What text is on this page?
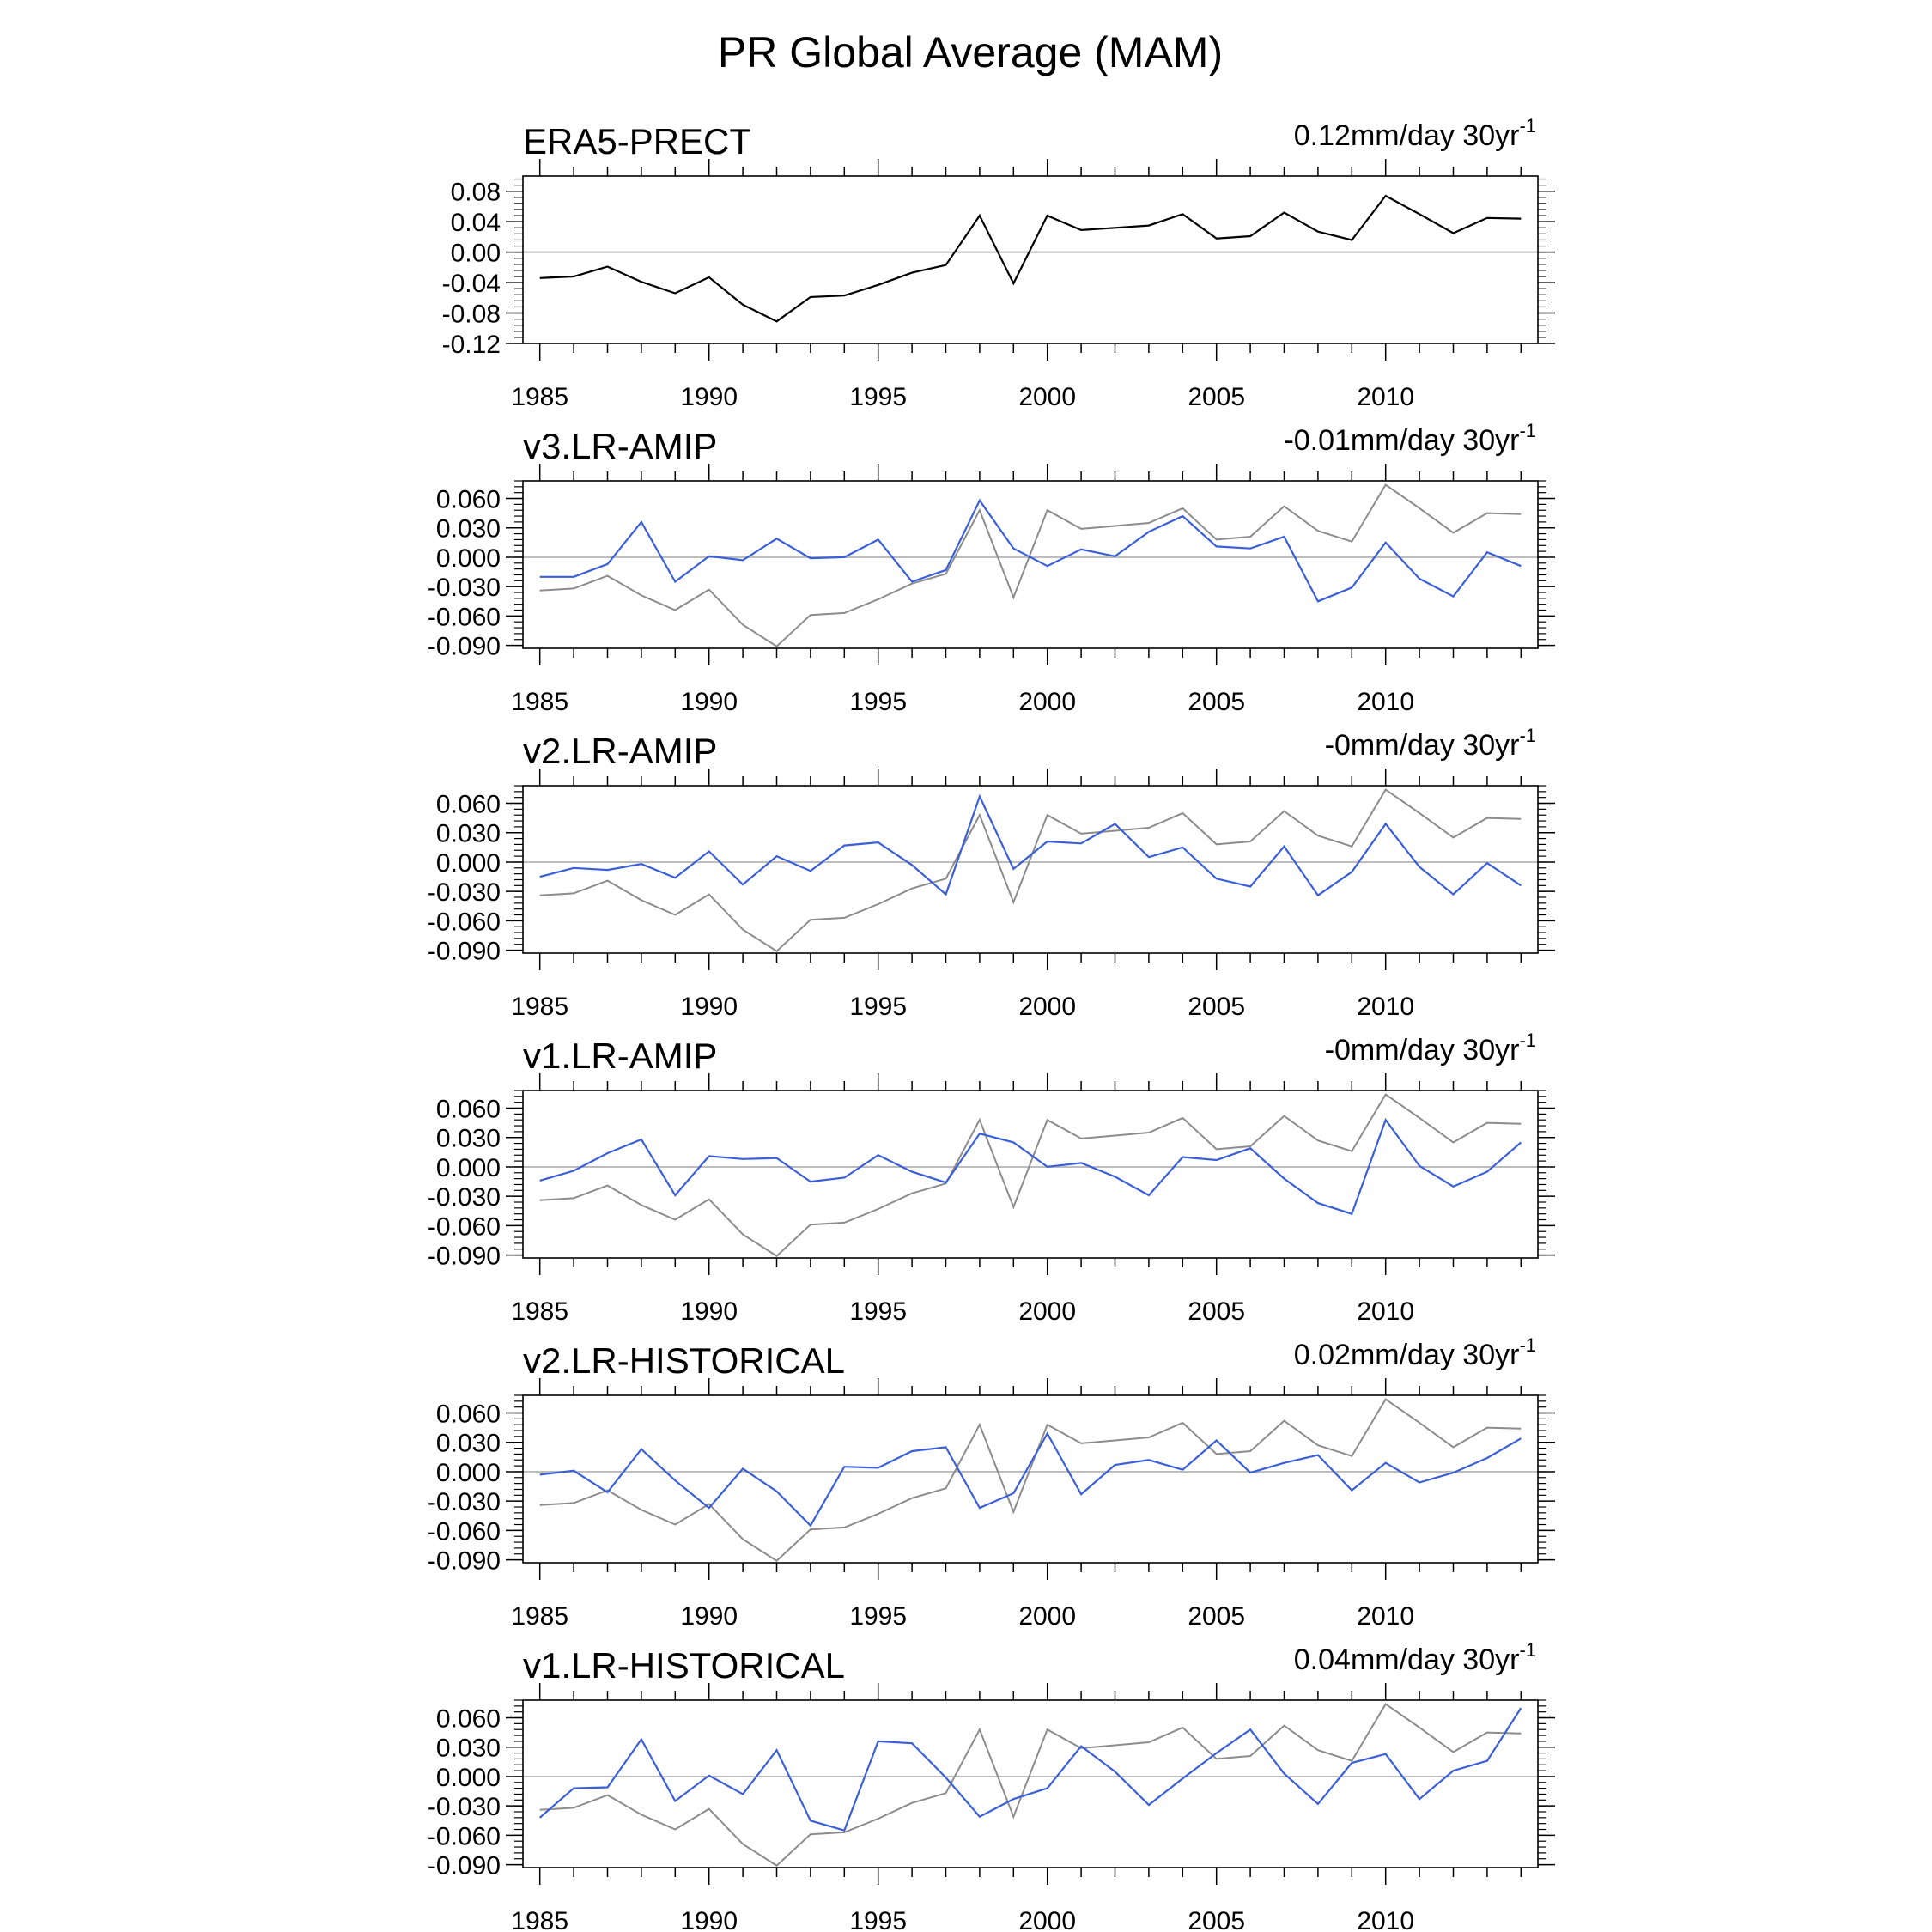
PR Global Average (MAM)
ERA5-PRECT	0.12mm/day $30yr^{-1}$
1985	1990	1995	2000	2005	2010
0.08
0.04
0.00
-0.04
-0.08
-0.12
v3.LR-AMIP	-0.01mm/day $30yr^{-1}$
1985	1990	1995	2000	2005	2010
0.060
0.030
0.000
-0.030
-0.060
-0.090
v2.LR-AMIP	-0mm/day $30yr^{-1}$
1985	1990	1995	2000	2005	2010
0.060
0.030
0.000
-0.030
-0.060
-0.090
v1.LR-AMIP	-0mm/day $30yr^{-1}$
1985	1990	1995	2000	2005	2010
0.060
0.030
0.000
-0.030
-0.060
-0.090
v2.LR-HISTORICAL	0.02mm/day $30yr^{-1}$
1985	1990	1995	2000	2005	2010
0.060
0.030
0.000
-0.030
-0.060
-0.090
v1.LR-HISTORICAL	0.04mm/day $30yr^{-1}$
1985	1990	1995	2000	2005	2010
0.060
0.030
0.000
-0.030
-0.060
-0.090
